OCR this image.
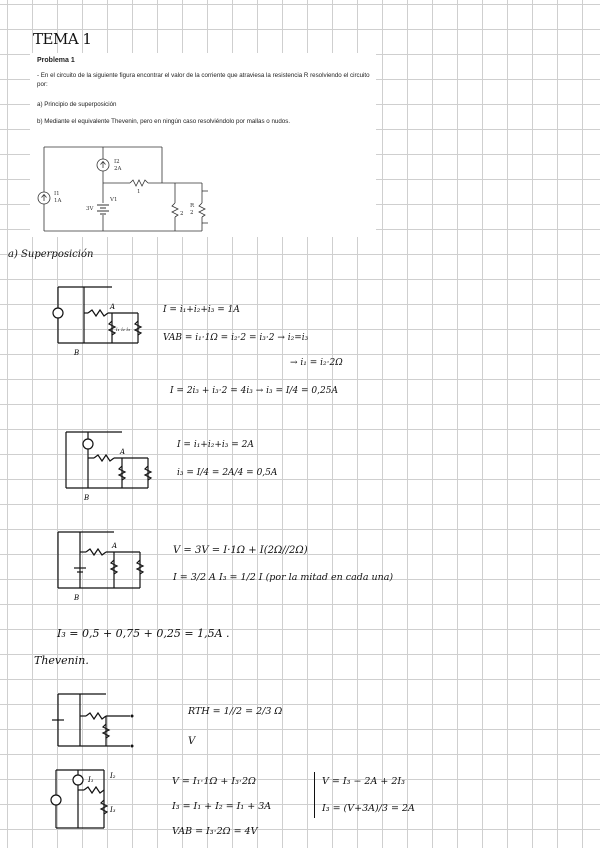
TEMA 1
Problema 1
- En el circuito de la siguiente figura encontrar el valor de la corriente que atraviesa la resistencia R resolviendo el circuito por:
a) Principio de superposición
b) Mediante el equivalente Thevenin, pero en ningún caso resolviéndolo por mallas o nudos.
I1
1A
I2
2A
V1
3V
1
2
R
2
a) Superposición
A
B
i₁ i₂ i₃
I = i₁+i₂+i₃ = 1A
VAB = i₁·1Ω = i₂·2 = i₃·2 → i₂=i₃
→ i₁ = i₂·2Ω
I = 2i₃ + i₃·2 = 4i₃ → i₃ = I/4 = 0,25A
A
B
I = i₁+i₂+i₃ = 2A
i₃ = I/4 = 2A/4 = 0,5A
A
B
V = 3V = I·1Ω + I(2Ω//2Ω)
I = 3/2 A I₃ = 1/2 I (por la mitad en cada una)
I₃ = 0,5 + 0,75 + 0,25 = 1,5A .
Thevenin.
RTH = 1//2 = 2/3 Ω
V
I₁ I₂
I₃
V = I₁·1Ω + I₃·2Ω
I₃ = I₁ + I₂ = I₁ + 3A
VAB = I₃·2Ω = 4V
V = I₃ − 2A + 2I₃
I₃ = (V+3A)/3 = 2A
